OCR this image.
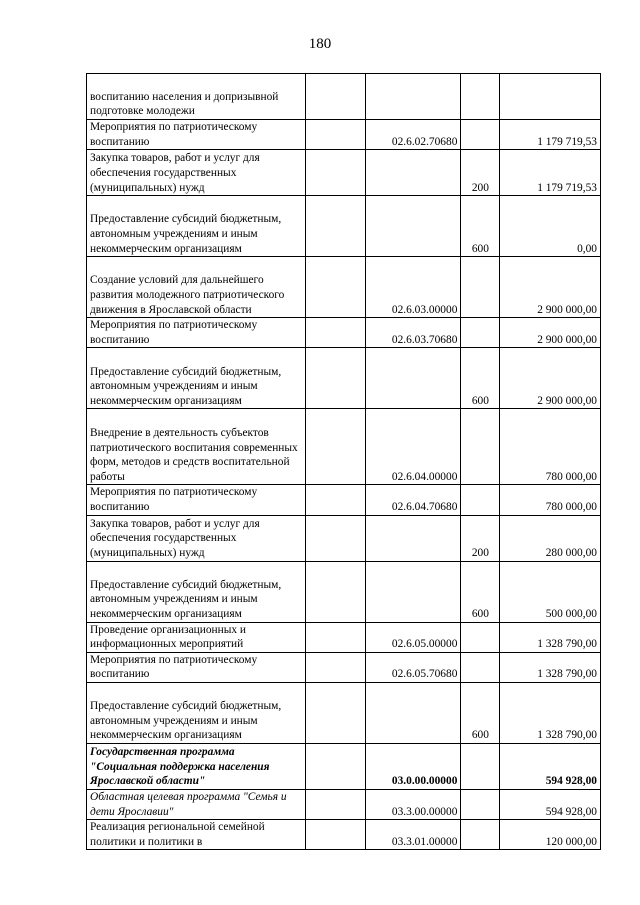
180
воспитанию населения и допризывной подготовке молодежи				
Мероприятия по патриотическому воспитанию		02.6.02.70680		1 179 719,53
Закупка товаров, работ и услуг для обеспечения государственных (муниципальных) нужд			200	1 179 719,53
Предоставление субсидий бюджетным, автономным учреждениям и иным некоммерческим организациям			600	0,00
Создание условий для дальнейшего развития молодежного патриотического движения в Ярославской области		02.6.03.00000		2 900 000,00
Мероприятия по патриотическому воспитанию		02.6.03.70680		2 900 000,00
Предоставление субсидий бюджетным, автономным учреждениям и иным некоммерческим организациям			600	2 900 000,00
Внедрение в деятельность субъектов патриотического воспитания современных форм, методов и средств воспитательной работы		02.6.04.00000		780 000,00
Мероприятия по патриотическому воспитанию		02.6.04.70680		780 000,00
Закупка товаров, работ и услуг для обеспечения государственных (муниципальных) нужд			200	280 000,00
Предоставление субсидий бюджетным, автономным учреждениям и иным некоммерческим организациям			600	500 000,00
Проведение организационных и информационных мероприятий		02.6.05.00000		1 328 790,00
Мероприятия по патриотическому воспитанию		02.6.05.70680		1 328 790,00
Предоставление субсидий бюджетным, автономным учреждениям и иным некоммерческим организациям			600	1 328 790,00
Государственная программа "Социальная поддержка населения Ярославской области"		03.0.00.00000		594 928,00
Областная целевая программа "Семья и дети Ярославии"		03.3.00.00000		594 928,00
Реализация региональной семейной политики и политики в		03.3.01.00000		120 000,00
